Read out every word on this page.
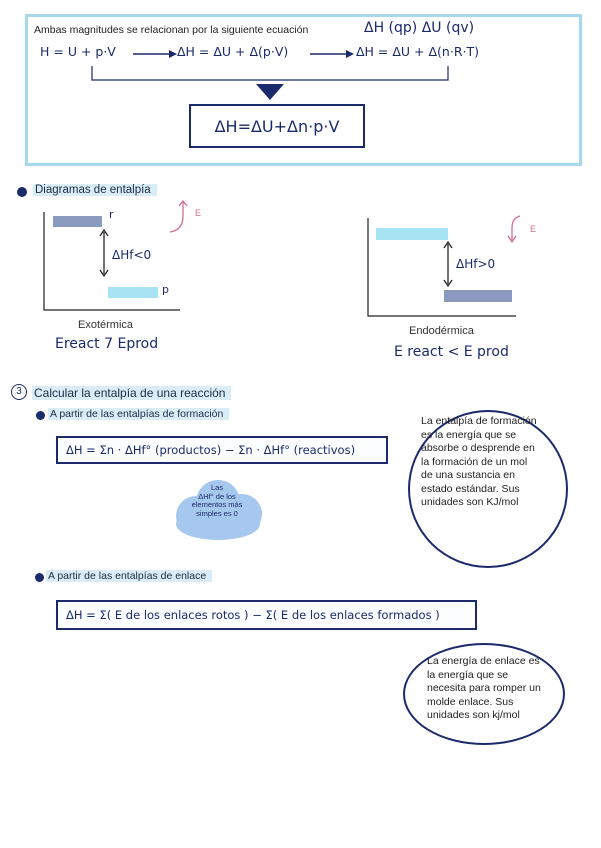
Ambas magnitudes se relacionan por la siguiente ecuación	ΔH (qp) ΔU (qv)
H = U + p·V	ΔH = ΔU + Δ(p·V)	ΔH = ΔU + Δ(n·R·T)
ΔH=ΔU+Δn·p·V
Diagramas de entalpía
E
r
p
ΔHf<0
Exotérmica
Ereact 7 Eprod
E
ΔHf>0
Endodérmica
E react < E prod
3	Calcular la entalpía de una reacción
A partir de las entalpías de formación
ΔH = Σn · ΔHf° (productos) − Σn · ΔHf° (reactivos)
Las
ΔHf° de los
elementos más
simples es 0
La entalpía de formación
es la energía que se
absorbe o desprende en
la formación de un mol
de una sustancia en
estado estándar. Sus
unidades son KJ/mol
A partir de las entalpías de enlace
ΔH = Σ( E de los enlaces rotos ) − Σ( E de los enlaces formados )
La energía de enlace es
la energía que se
necesita para romper un
molde enlace. Sus
unidades son kj/mol
